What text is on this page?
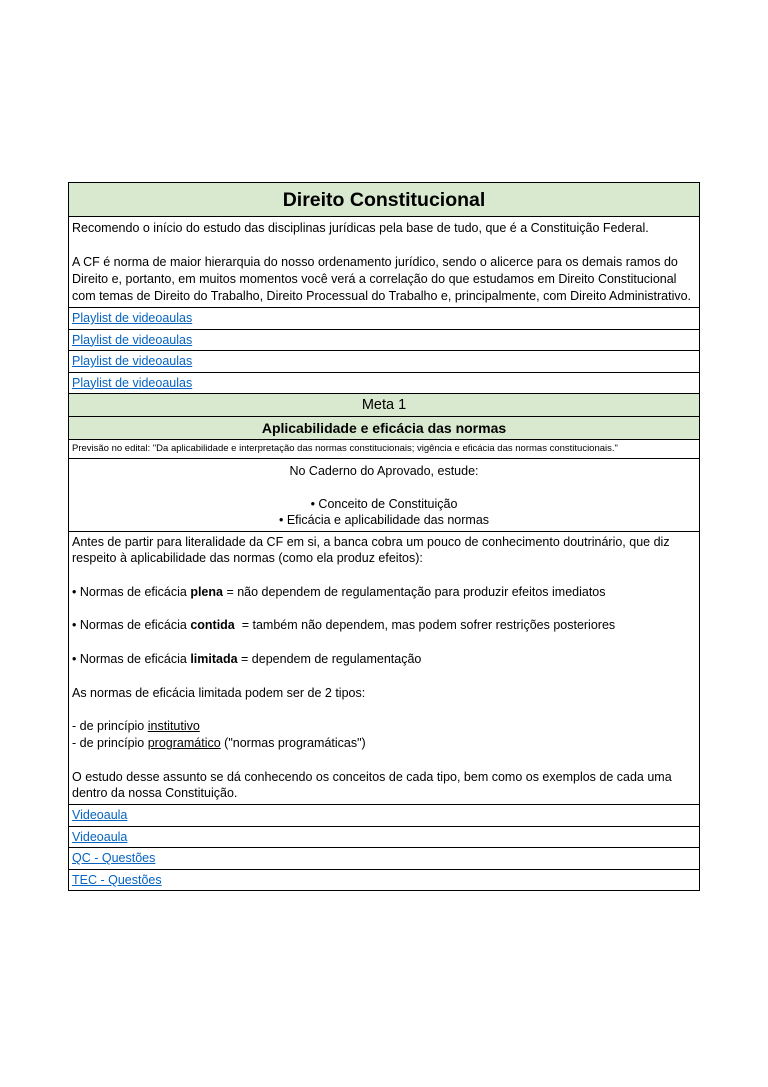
Direito Constitucional

Recomendo o início do estudo das disciplinas jurídicas pela base de tudo, que é a Constituição Federal.

A CF é norma de maior hierarquia do nosso ordenamento jurídico, sendo o alicerce para os demais ramos do Direito e, portanto, em muitos momentos você verá a correlação do que estudamos em Direito Constitucional com temas de Direito do Trabalho, Direito Processual do Trabalho e, principalmente, com Direito Administrativo.

Playlist de videoaulas
Playlist de videoaulas
Playlist de videoaulas
Playlist de videoaulas
Meta 1
Aplicabilidade e eficácia das normas
Previsão no edital: "Da aplicabilidade e interpretação das normas constitucionais; vigência e eficácia das normas constitucionais."

No Caderno do Aprovado, estude:

• Conceito de Constituição

• Eficácia e aplicabilidade das normas

Antes de partir para literalidade da CF em si, a banca cobra um pouco de conhecimento doutrinário, que diz respeito à aplicabilidade das normas (como ela produz efeitos):

• Normas de eficácia plena = não dependem de regulamentação para produzir efeitos imediatos

• Normas de eficácia contida  = também não dependem, mas podem sofrer restrições posteriores

• Normas de eficácia limitada = dependem de regulamentação

As normas de eficácia limitada podem ser de 2 tipos:

- de princípio institutivo

- de princípio programático ("normas programáticas")

O estudo desse assunto se dá conhecendo os conceitos de cada tipo, bem como os exemplos de cada uma dentro da nossa Constituição.

Videoaula
Videoaula
QC - Questões
TEC - Questões
